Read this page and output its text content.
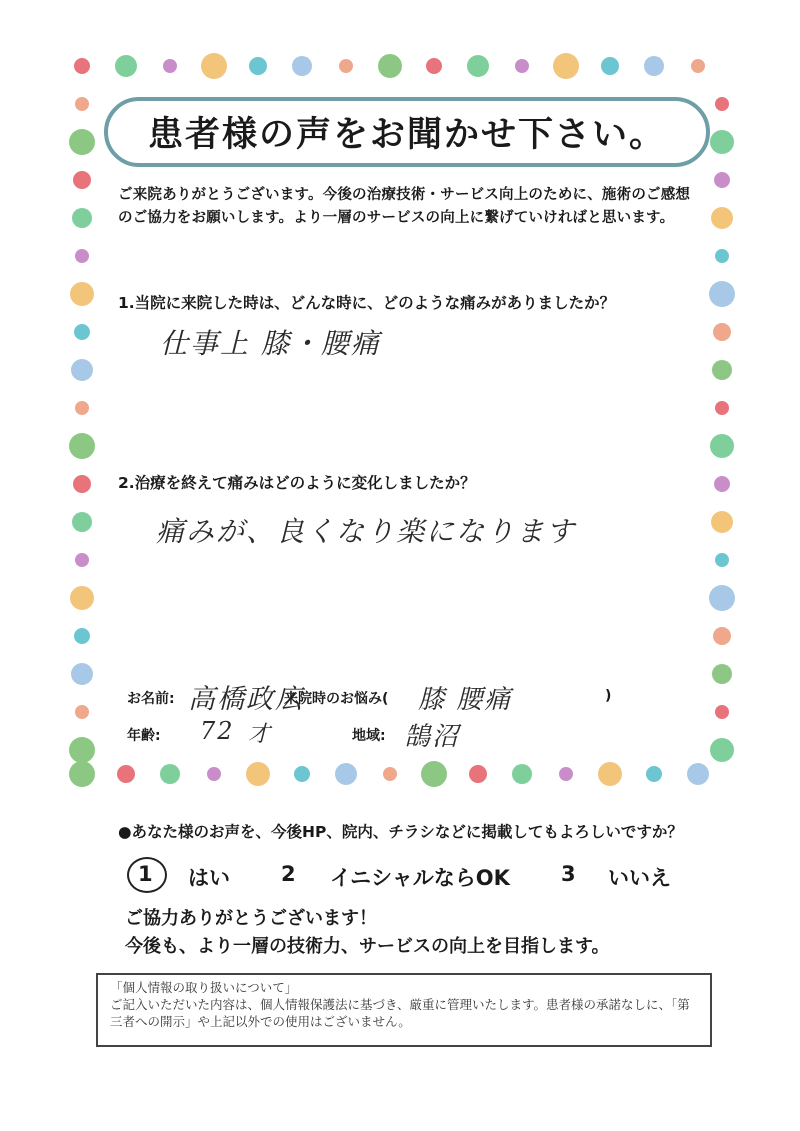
患者様の声をお聞かせ下さい。
ご来院ありがとうございます。今後の治療技術・サービス向上のために、施術のご感想のご協力をお願いします。より一層のサービスの向上に繋げていければと思います。
1.当院に来院した時は、どんな時に、どのような痛みがありましたか？
仕事上 膝・腰痛
2.治療を終えて痛みはどのように変化しましたか？
痛みが、良くなり楽になります
お名前: 高橋政広
来院時のお悩み( 膝 腰痛	)
年齢: 72 才	地域: 鵠沼
●あなた様のお声を、今後HP、院内、チラシなどに掲載してもよろしいですか？
1 はい 2 イニシャルならOK 3 いいえ
ご協力ありがとうございます！
今後も、より一層の技術力、サービスの向上を目指します。
「個人情報の取り扱いについて」
ご記入いただいた内容は、個人情報保護法に基づき、厳重に管理いたします。患者様の承諾なしに、「第三者への開示」や上記以外での使用はございません。
